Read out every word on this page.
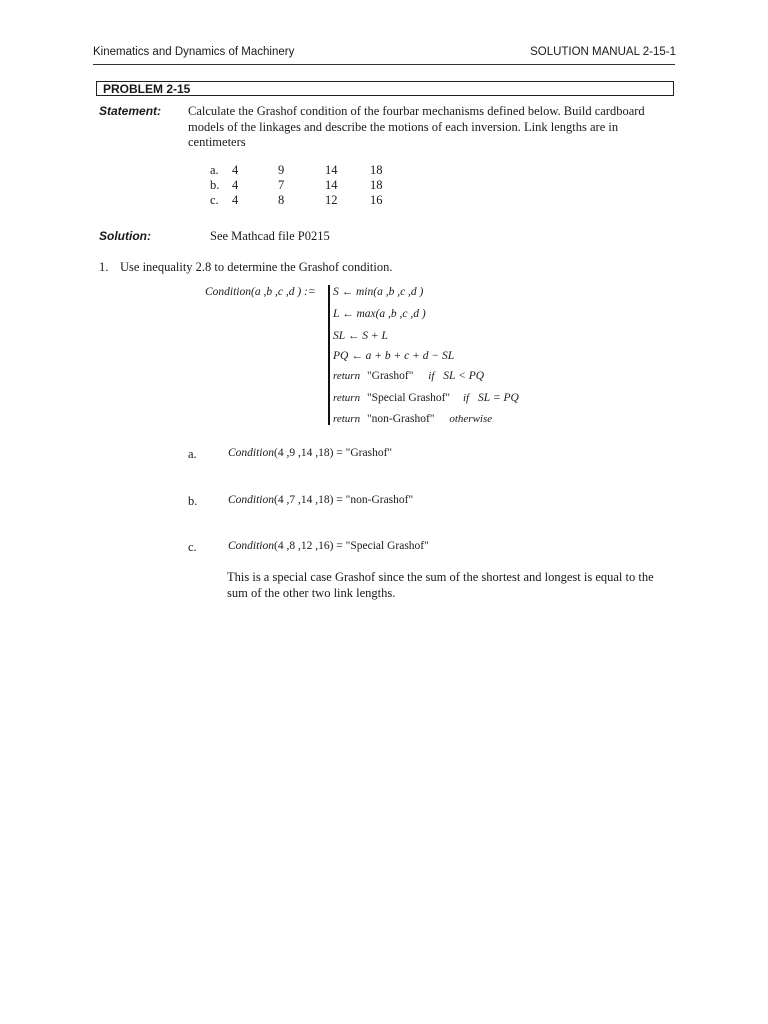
Kinematics and Dynamics of Machinery	SOLUTION MANUAL 2-15-1
PROBLEM 2-15
Statement: Calculate the Grashof condition of the fourbar mechanisms defined below. Build cardboard models of the linkages and describe the motions of each inversion. Link lengths are in centimeters
a. 4	9	14	18
b. 4	7	14	18
c. 4	8	12	16
Solution:	See Mathcad file P0215
1. Use inequality 2.8 to determine the Grashof condition.
Condition(a ,b ,c ,d ) := S ← min(a ,b ,c ,d )
L ← max(a ,b ,c ,d )
SL ← S + L
PQ ← a + b + c + d − SL
return "Grashof" if SL < PQ
return "Special Grashof" if SL = PQ
return "non-Grashof" otherwise
a.	Condition(4 ,9 ,14 ,18) = "Grashof"
b.	Condition(4 ,7 ,14 ,18) = "non-Grashof"
c.	Condition(4 ,8 ,12 ,16) = "Special Grashof"
This is a special case Grashof since the sum of the shortest and longest is equal to the sum of the other two link lengths.
